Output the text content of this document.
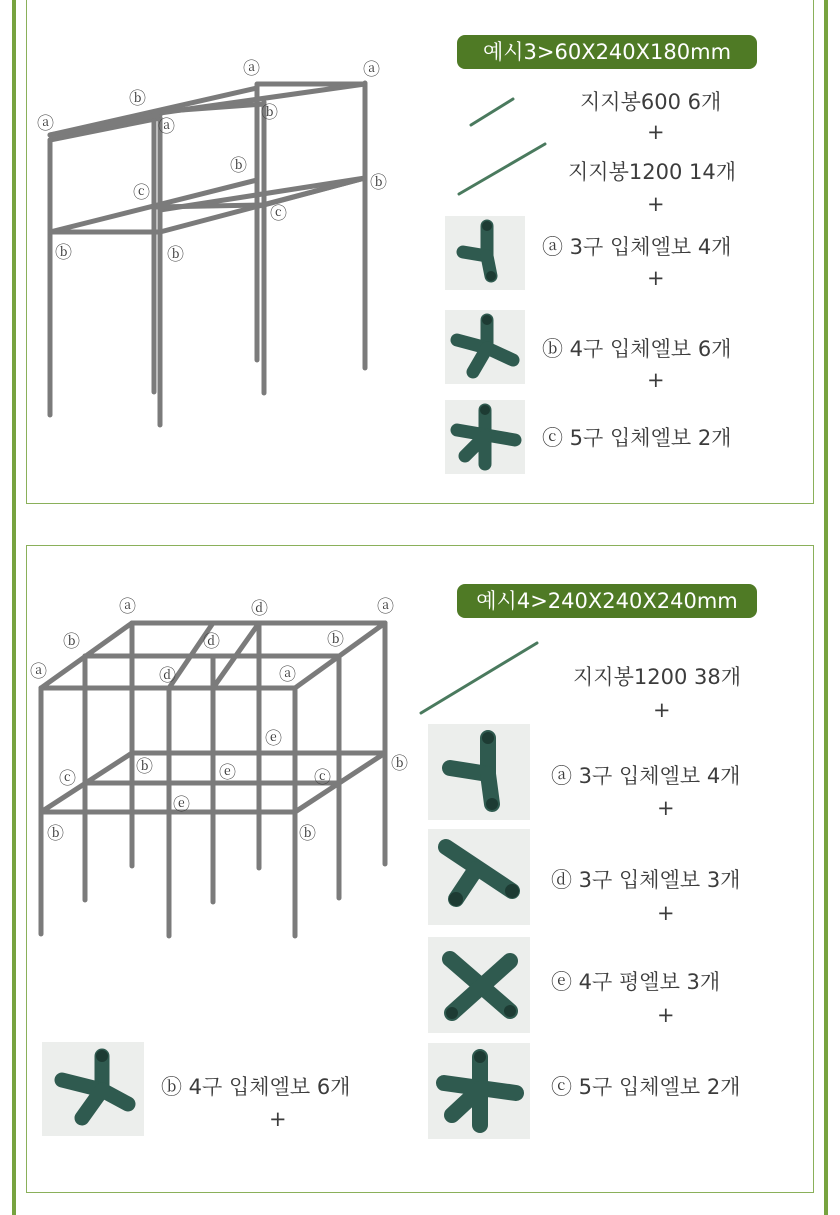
ⓐ	ⓐ
ⓑ
ⓐ	ⓐ
ⓑ
ⓑ
ⓑ
ⓒ
ⓒ
ⓑ	ⓑ
예시3>60X240X180mm
지지봉600 6개
+
지지봉1200 14개
+
ⓐ 3구 입체엘보 4개
+
ⓑ 4구 입체엘보 6개
+
ⓒ 5구 입체엘보 2개
ⓐ	ⓓ	ⓐ
ⓑ	ⓓ	ⓑ
ⓐ	ⓓ	ⓐ
ⓔ
ⓑ	ⓔ	ⓑ
ⓒ	ⓒ
ⓔ
ⓑ	ⓑ
예시4>240X240X240mm
지지봉1200 38개
+
ⓐ 3구 입체엘보 4개
+
ⓓ 3구 입체엘보 3개
+
ⓔ 4구 평엘보 3개
+
ⓒ 5구 입체엘보 2개
ⓑ 4구 입체엘보 6개
+
